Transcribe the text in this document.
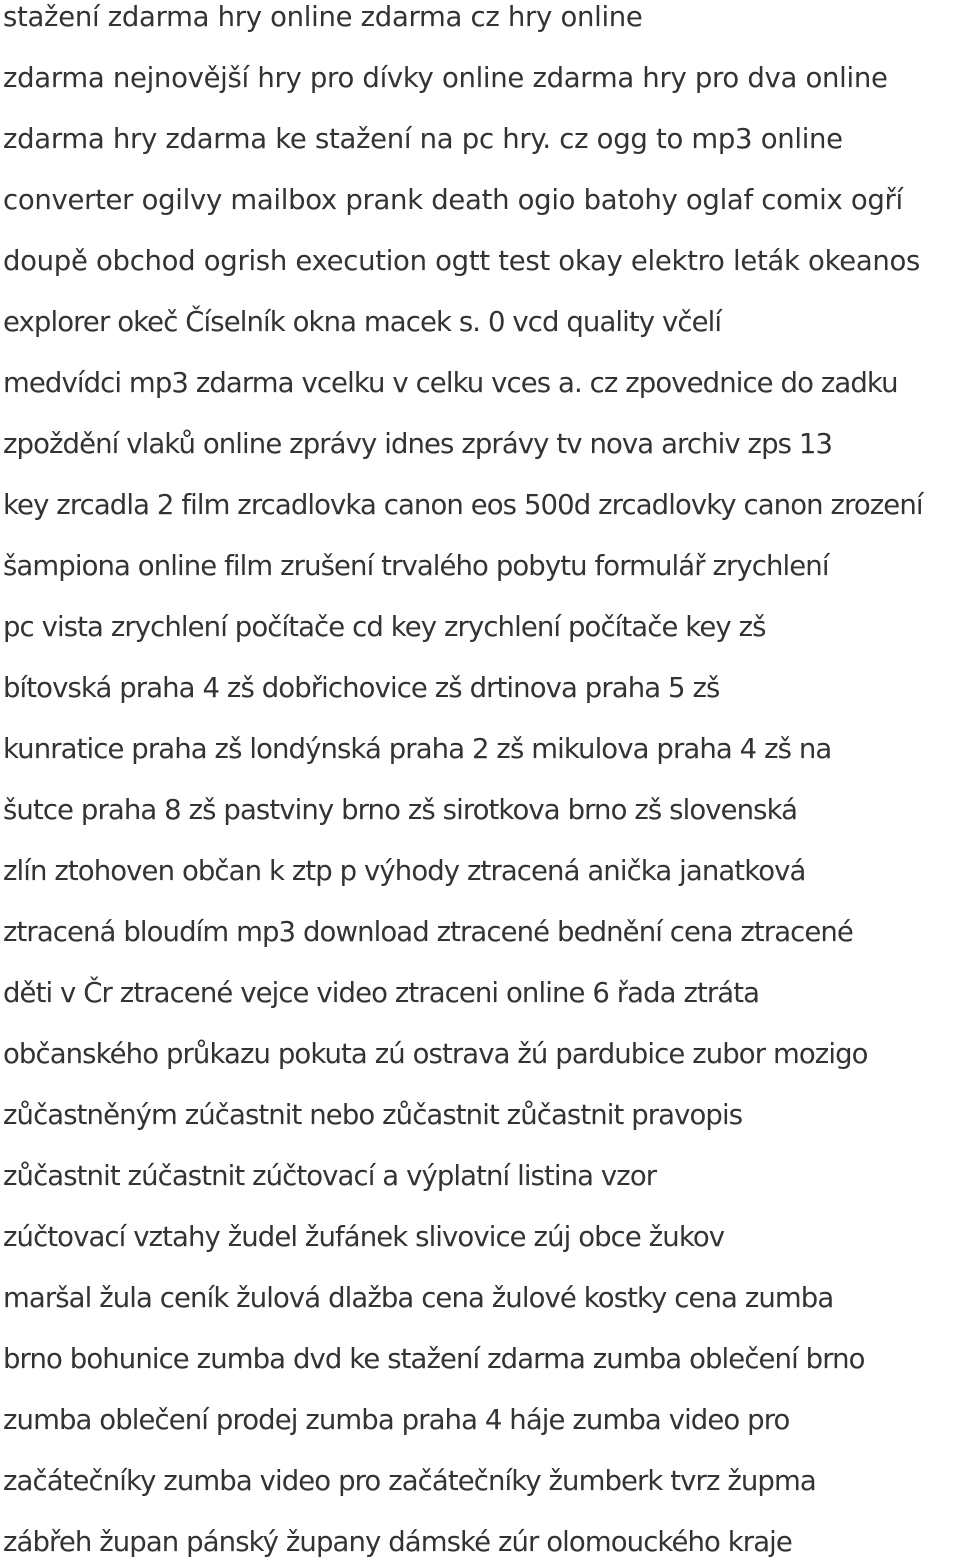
stažení zdarma hry online zdarma cz hry online
zdarma nejnovější hry pro dívky online zdarma hry pro dva online
zdarma hry zdarma ke stažení na pc hry. cz ogg to mp3 online
converter ogilvy mailbox prank death ogio batohy oglaf comix ogří
doupě obchod ogrish execution ogtt test okay elektro leták okeanos
explorer okeč Číselník okna macek s. 0 vcd quality včelí
medvídci mp3 zdarma vcelku v celku vces a. cz zpovednice do zadku
zpoždění vlaků online zprávy idnes zprávy tv nova archiv zps 13
key zrcadla 2 film zrcadlovka canon eos 500d zrcadlovky canon zrození
šampiona online film zrušení trvalého pobytu formulář zrychlení
pc vista zrychlení počítače cd key zrychlení počítače key zš
bítovská praha 4 zš dobřichovice zš drtinova praha 5 zš
kunratice praha zš londýnská praha 2 zš mikulova praha 4 zš na
šutce praha 8 zš pastviny brno zš sirotkova brno zš slovenská
zlín ztohoven občan k ztp p výhody ztracená anička janatková
ztracená bloudím mp3 download ztracené bednění cena ztracené
děti v Čr ztracené vejce video ztraceni online 6 řada ztráta
občanského průkazu pokuta zú ostrava žú pardubice zubor mozigo
zůčastněným zúčastnit nebo zůčastnit zůčastnit pravopis
zůčastnit zúčastnit zúčtovací a výplatní listina vzor
zúčtovací vztahy žudel žufánek slivovice zúj obce žukov
maršal žula ceník žulová dlažba cena žulové kostky cena zumba
brno bohunice zumba dvd ke stažení zdarma zumba oblečení brno
zumba oblečení prodej zumba praha 4 háje zumba video pro
začátečníky zumba video pro začátečníky žumberk tvrz župma
zábřeh župan pánský župany dámské zúr olomouckého kraje
